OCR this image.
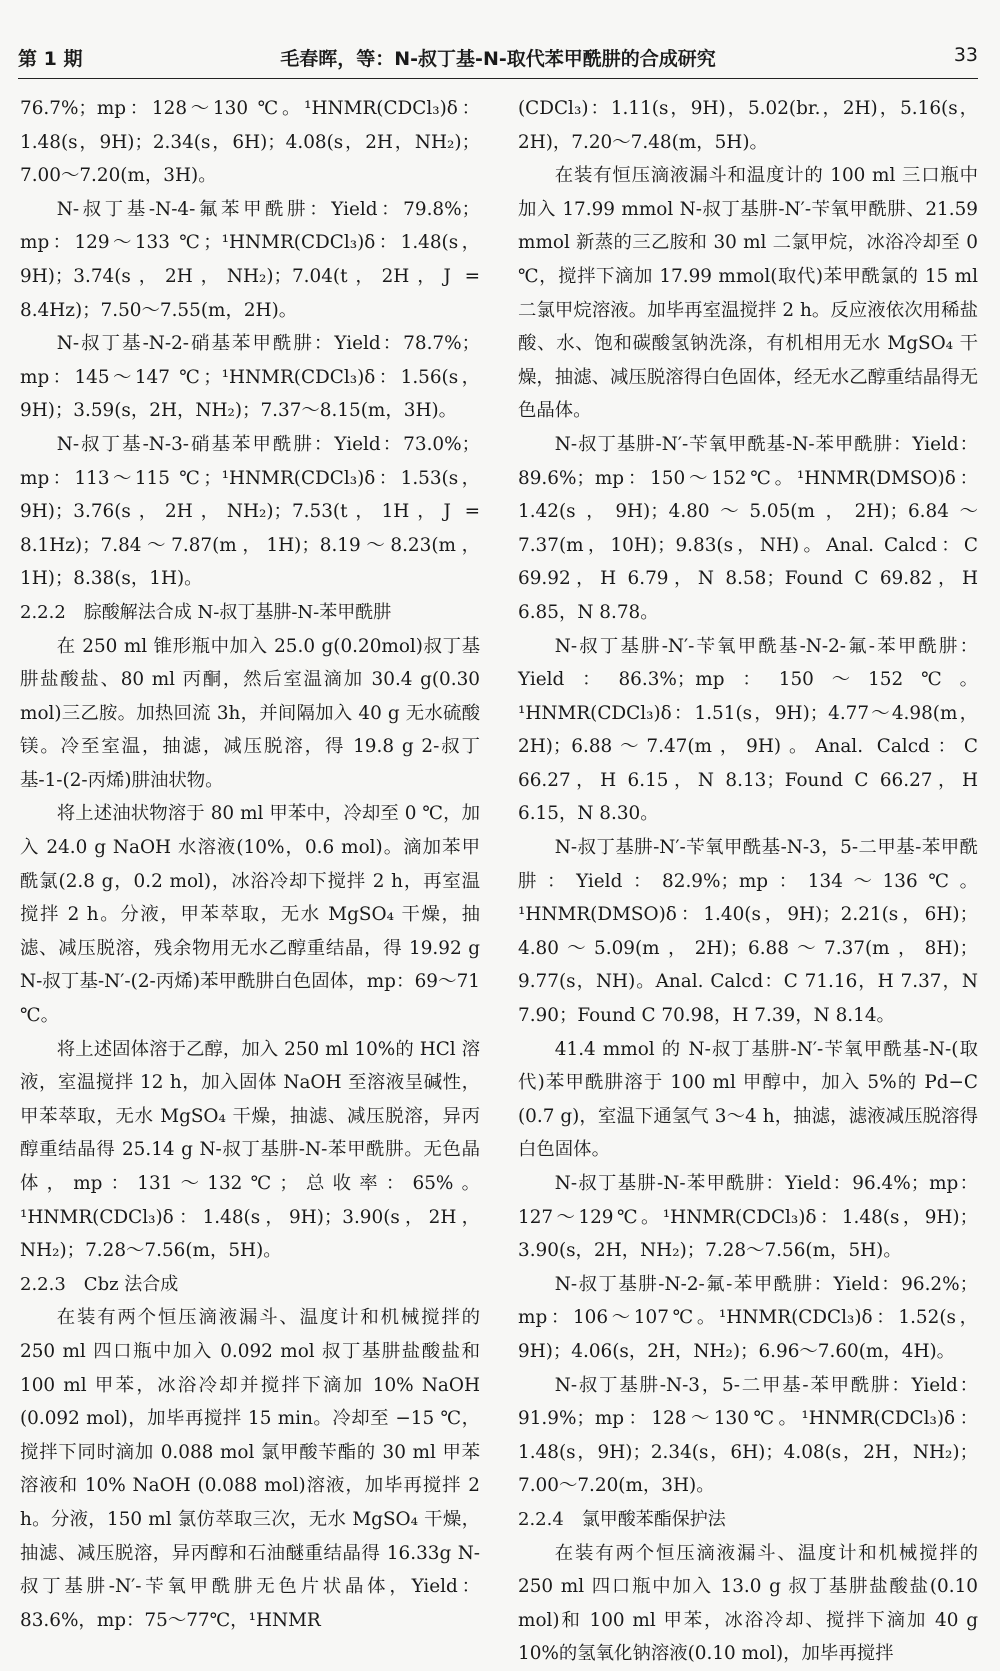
第 1 期	毛春晖，等：N-叔丁基-N-取代苯甲酰肼的合成研究	33

76.7%；mp：128～130 ℃。¹HNMR(CDCl₃)δ：1.48(s，9H)；2.34(s，6H)；4.08(s，2H，NH₂)；7.00～7.20(m，3H)。

N-叔丁基-N-4-氟苯甲酰肼：Yield：79.8%；mp：129～133 ℃；¹HNMR(CDCl₃)δ：1.48(s，9H)；3.74(s，2H，NH₂)；7.04(t，2H，J = 8.4Hz)；7.50～7.55(m，2H)。

N-叔丁基-N-2-硝基苯甲酰肼：Yield：78.7%；mp：145～147 ℃；¹HNMR(CDCl₃)δ：1.56(s，9H)；3.59(s，2H，NH₂)；7.37～8.15(m，3H)。

N-叔丁基-N-3-硝基苯甲酰肼：Yield：73.0%；mp：113～115 ℃；¹HNMR(CDCl₃)δ：1.53(s，9H)；3.76(s，2H，NH₂)；7.53(t，1H，J = 8.1Hz)；7.84～7.87(m，1H)；8.19～8.23(m，1H)；8.38(s，1H)。

2.2.2　腙酸解法合成 N-叔丁基肼-N-苯甲酰肼

在 250 ml 锥形瓶中加入 25.0 g(0.20mol)叔丁基肼盐酸盐、80 ml 丙酮，然后室温滴加 30.4 g(0.30 mol)三乙胺。加热回流 3h，并间隔加入 40 g 无水硫酸镁。冷至室温，抽滤，减压脱溶，得 19.8 g 2-叔丁基-1-(2-丙烯)肼油状物。

将上述油状物溶于 80 ml 甲苯中，冷却至 0 ℃，加入 24.0 g NaOH 水溶液(10%，0.6 mol)。滴加苯甲酰氯(2.8 g，0.2 mol)，冰浴冷却下搅拌 2 h，再室温搅拌 2 h。分液，甲苯萃取，无水 MgSO₄ 干燥，抽滤、减压脱溶，残余物用无水乙醇重结晶，得 19.92 g N-叔丁基-N′-(2-丙烯)苯甲酰肼白色固体，mp：69～71 ℃。

将上述固体溶于乙醇，加入 250 ml 10%的 HCl 溶液，室温搅拌 12 h，加入固体 NaOH 至溶液呈碱性，甲苯萃取，无水 MgSO₄ 干燥，抽滤、减压脱溶，异丙醇重结晶得 25.14 g N-叔丁基肼-N-苯甲酰肼。无色晶体，mp：131～132℃；总收率：65%。¹HNMR(CDCl₃)δ：1.48(s，9H)；3.90(s，2H，NH₂)；7.28～7.56(m，5H)。

2.2.3　Cbz 法合成

在装有两个恒压滴液漏斗、温度计和机械搅拌的 250 ml 四口瓶中加入 0.092 mol 叔丁基肼盐酸盐和 100 ml 甲苯，冰浴冷却并搅拌下滴加 10% NaOH (0.092 mol)，加毕再搅拌 15 min。冷却至 −15 ℃，搅拌下同时滴加 0.088 mol 氯甲酸苄酯的 30 ml 甲苯溶液和 10% NaOH (0.088 mol)溶液，加毕再搅拌 2 h。分液，150 ml 氯仿萃取三次，无水 MgSO₄ 干燥，抽滤、减压脱溶，异丙醇和石油醚重结晶得 16.33g N-叔丁基肼-N′-苄氧甲酰肼无色片状晶体，Yield：83.6%，mp：75～77℃，¹HNMR

(CDCl₃)：1.11(s，9H)，5.02(br.，2H)，5.16(s，2H)，7.20～7.48(m，5H)。

在装有恒压滴液漏斗和温度计的 100 ml 三口瓶中加入 17.99 mmol N-叔丁基肼-N′-苄氧甲酰肼、21.59 mmol 新蒸的三乙胺和 30 ml 二氯甲烷，冰浴冷却至 0 ℃，搅拌下滴加 17.99 mmol(取代)苯甲酰氯的 15 ml 二氯甲烷溶液。加毕再室温搅拌 2 h。反应液依次用稀盐酸、水、饱和碳酸氢钠洗涤，有机相用无水 MgSO₄ 干燥，抽滤、减压脱溶得白色固体，经无水乙醇重结晶得无色晶体。

N-叔丁基肼-N′-苄氧甲酰基-N-苯甲酰肼：Yield：89.6%；mp：150～152℃。¹HNMR(DMSO)δ：1.42(s，9H)；4.80～5.05(m，2H)；6.84～7.37(m，10H)；9.83(s，NH)。Anal. Calcd：C 69.92，H 6.79，N 8.58；Found C 69.82，H 6.85，N 8.78。

N-叔丁基肼-N′-苄氧甲酰基-N-2-氟-苯甲酰肼：Yield：86.3%；mp：150～152℃。¹HNMR(CDCl₃)δ：1.51(s，9H)；4.77～4.98(m，2H)；6.88～7.47(m，9H)。Anal. Calcd：C 66.27，H 6.15，N 8.13；Found C 66.27，H 6.15，N 8.30。

N-叔丁基肼-N′-苄氧甲酰基-N-3，5-二甲基-苯甲酰肼：Yield：82.9%；mp：134～136℃。¹HNMR(DMSO)δ：1.40(s，9H)；2.21(s，6H)；4.80～5.09(m，2H)；6.88～7.37(m，8H)；9.77(s，NH)。Anal. Calcd：C 71.16，H 7.37，N 7.90；Found C 70.98，H 7.39，N 8.14。

41.4 mmol 的 N-叔丁基肼-N′-苄氧甲酰基-N-(取代)苯甲酰肼溶于 100 ml 甲醇中，加入 5%的 Pd−C (0.7 g)，室温下通氢气 3～4 h，抽滤，滤液减压脱溶得白色固体。

N-叔丁基肼-N-苯甲酰肼：Yield：96.4%；mp：127～129℃。¹HNMR(CDCl₃)δ：1.48(s，9H)；3.90(s，2H，NH₂)；7.28～7.56(m，5H)。

N-叔丁基肼-N-2-氟-苯甲酰肼：Yield：96.2%；mp：106～107℃。¹HNMR(CDCl₃)δ：1.52(s，9H)；4.06(s，2H，NH₂)；6.96～7.60(m，4H)。

N-叔丁基肼-N-3，5-二甲基-苯甲酰肼：Yield：91.9%；mp：128～130℃。¹HNMR(CDCl₃)δ：1.48(s，9H)；2.34(s，6H)；4.08(s，2H，NH₂)；7.00～7.20(m，3H)。

2.2.4　氯甲酸苯酯保护法

在装有两个恒压滴液漏斗、温度计和机械搅拌的 250 ml 四口瓶中加入 13.0 g 叔丁基肼盐酸盐(0.10 mol)和 100 ml 甲苯，冰浴冷却、搅拌下滴加 40 g 10%的氢氧化钠溶液(0.10 mol)，加毕再搅拌
